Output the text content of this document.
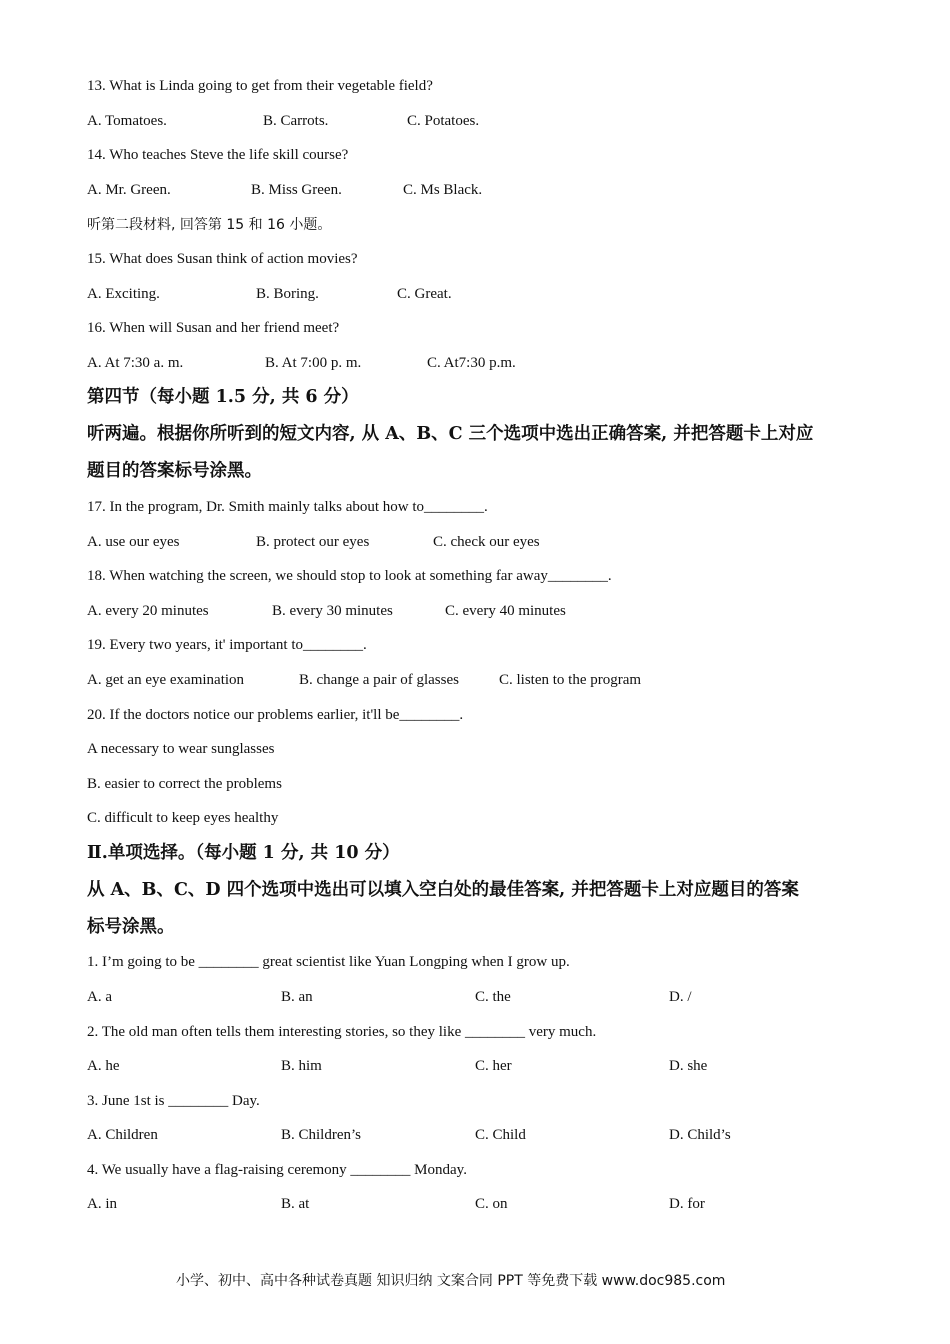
13. What is Linda going to get from their vegetable field?
A. Tomatoes.	B. Carrots.	C. Potatoes.
14. Who teaches Steve the life skill course?
A. Mr. Green.	B. Miss Green.	C. Ms Black.
听第二段材料, 回答第 15 和 16 小题。
15. What does Susan think of action movies?
A. Exciting.	B. Boring.	C. Great.
16. When will Susan and her friend meet?
A. At 7:30 a. m.	B. At 7:00 p. m.	C. At7:30 p.m.
第四节（每小题 1.5 分, 共 6 分）
听两遍。根据你所听到的短文内容, 从 A、B、C 三个选项中选出正确答案, 并把答题卡上对应
题目的答案标号涂黑。
17. In the program, Dr. Smith mainly talks about how to________.
A. use our eyes	B. protect our eyes	C. check our eyes
18. When watching the screen, we should stop to look at something far away________.
A. every 20 minutes	B. every 30 minutes	C. every 40 minutes
19. Every two years, it' important to________.
A. get an eye examination	B. change a pair of glasses	C. listen to the program
20. If the doctors notice our problems earlier, it'll be________.
A necessary to wear sunglasses
B. easier to correct the problems
C. difficult to keep eyes healthy
Ⅱ.单项选择。（每小题 1 分, 共 10 分）
从 A、B、C、D 四个选项中选出可以填入空白处的最佳答案, 并把答题卡上对应题目的答案
标号涂黑。
1. I’m going to be ________ great scientist like Yuan Longping when I grow up.
A. a	B. an	C. the	D. /
2. The old man often tells them interesting stories, so they like ________ very much.
A. he	B. him	C. her	D. she
3. June 1st is ________ Day.
A. Children	B. Children’s	C. Child	D. Child’s
4. We usually have a flag-raising ceremony ________ Monday.
A. in	B. at	C. on	D. for
小学、初中、高中各种试卷真题 知识归纳 文案合同 PPT 等免费下载 www.doc985.com
